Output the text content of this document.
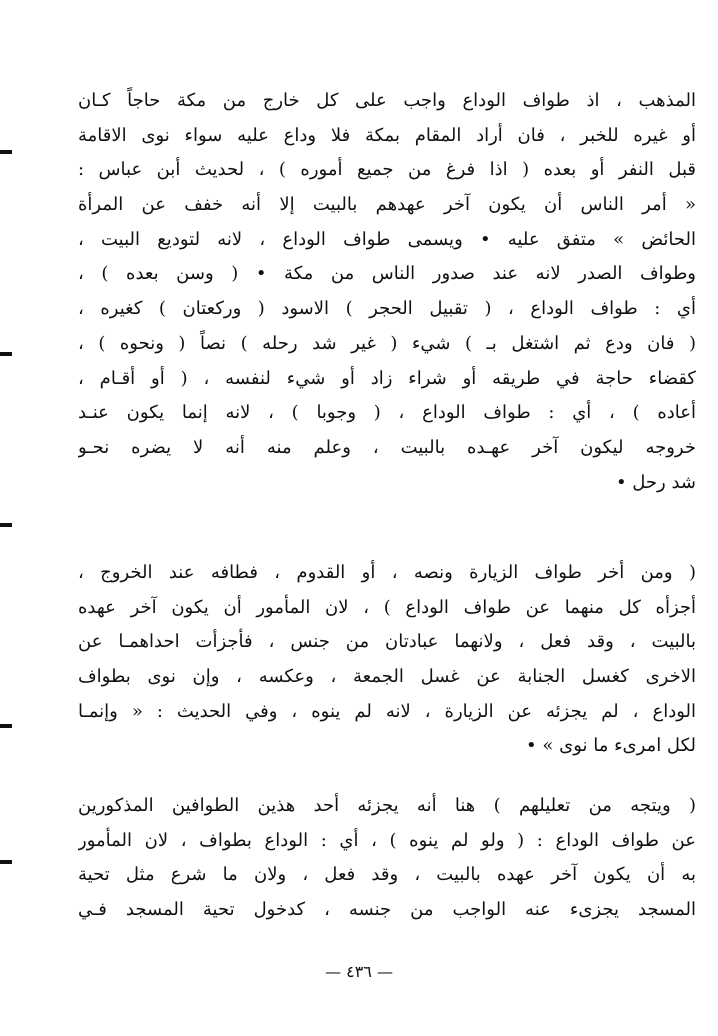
المذهب ، اذ طواف الوداع واجب على كل خارج من مكة حاجاً كـان
أو غيره للخبر ، فان أراد المقام بمكة فلا وداع عليه سواء نوى الاقامة
قبل النفر أو بعده ( اذا فرغ من جميع أموره ) ، لحديث أبن عباس :
« أمر الناس أن يكون آخر عهدهم بالبيت إلا أنه خفف عن المرأة
الحائض » متفق عليه • ويسمى طواف الوداع ، لانه لتوديع البيت ،
وطواف الصدر لانه عند صدور الناس من مكة • ( وسن بعده ) ،
أي : طواف الوداع ، ( تقبيل الحجر ) الاسود ( وركعتان ) كغيره ،
( فان ودع ثم اشتغل بـ ) شيء ( غير شد رحله ) نصاً ( ونحوه ) ،
كقضاء حاجة في طريقه أو شراء زاد أو شيء لنفسه ، ( أو أقـام ،
أعاده ) ، أي : طواف الوداع ، ( وجوبا ) ، لانه إنما يكون عنـد
خروجه ليكون آخر عهـده بالبيت ، وعلم منه أنه لا يضره نحـو
شد رحل •
( ومن أخر طواف الزيارة ونصه ، أو القدوم ، فطافه عند الخروج ،
أجزأه كل منهما عن طواف الوداع ) ، لان المأمور أن يكون آخر عهده
بالبيت ، وقد فعل ، ولانهما عبادتان من جنس ، فأجزأت احداهمـا عن
الاخرى كغسل الجنابة عن غسل الجمعة ، وعكسه ، وإن نوى بطواف
الوداع ، لم يجزئه عن الزيارة ، لانه لم ينوه ، وفي الحديث : « وإنمـا
لكل امرىء ما نوى » •
( ويتجه من تعليلهم ) هنا أنه يجزئه أحد هذين الطوافين المذكورين
عن طواف الوداع : ( ولو لم ينوه ) ، أي : الوداع بطواف ، لان المأمور
به أن يكون آخر عهده بالبيت ، وقد فعل ، ولان ما شرع مثل تحية
المسجد يجزىء عنه الواجب من جنسه ، كدخول تحية المسجد فـي
— ٤٣٦ —
